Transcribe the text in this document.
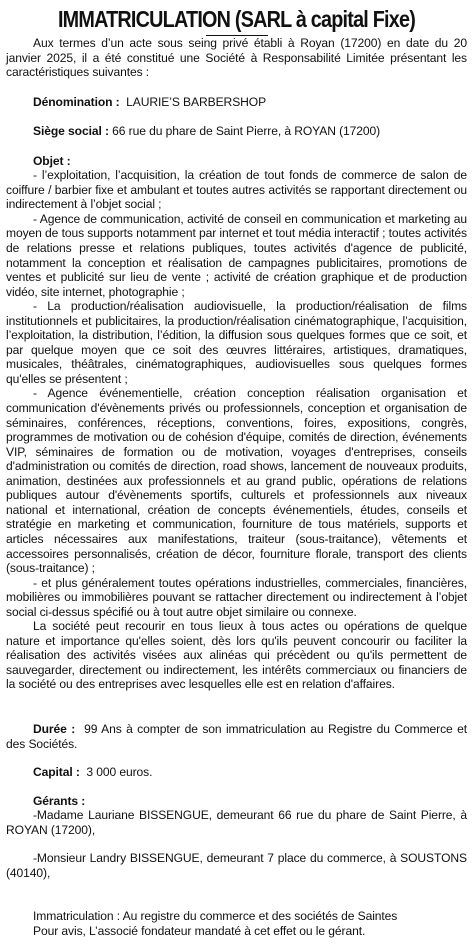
IMMATRICULATION (SARL à capital Fixe)

Aux termes d’un acte sous seing privé établi à Royan (17200) en date du 20 janvier 2025, il a été constitué une Société à Responsabilité Limitée présentant les caractéristiques suivantes :

Dénomination : LAURIE’S BARBERSHOP

Siège social : 66 rue du phare de Saint Pierre, à ROYAN (17200)

Objet :

- l’exploitation, l’acquisition, la création de tout fonds de commerce de salon de coiffure / barbier fixe et ambulant et toutes autres activités se rapportant directement ou indirectement à l’objet social ;

- Agence de communication, activité de conseil en communication et marketing au moyen de tous supports notamment par internet et tout média interactif ; toutes activités de relations presse et relations publiques, toutes activités d'agence de publicité, notamment la conception et réalisation de campagnes publicitaires, promotions de ventes et publicité sur lieu de vente ; activité de création graphique et de production vidéo, site internet, photographie ;

- La production/réalisation audiovisuelle, la production/réalisation de films institutionnels et publicitaires, la production/réalisation cinématographique, l’acquisition, l’exploitation, la distribution, l’édition, la diffusion sous quelques formes que ce soit, et par quelque moyen que ce soit des œuvres littéraires, artistiques, dramatiques, musicales, théâtrales, cinématographiques, audiovisuelles sous quelques formes qu'elles se présentent ;

- Agence événementielle, création conception réalisation organisation et communication d'évènements privés ou professionnels, conception et organisation de séminaires, conférences, réceptions, conventions, foires, expositions, congrès, programmes de motivation ou de cohésion d'équipe, comités de direction, événements VIP, séminaires de formation ou de motivation, voyages d'entreprises, conseils d'administration ou comités de direction, road shows, lancement de nouveaux produits, animation, destinées aux professionnels et au grand public, opérations de relations publiques autour d'évènements sportifs, culturels et professionnels aux niveaux national et international, création de concepts événementiels, études, conseils et stratégie en marketing et communication, fourniture de tous matériels, supports et articles nécessaires aux manifestations, traiteur (sous-traitance), vêtements et accessoires personnalisés, création de décor, fourniture florale, transport des clients (sous-traitance) ;

- et plus généralement toutes opérations industrielles, commerciales, financières, mobilières ou immobilières pouvant se rattacher directement ou indirectement à l’objet social ci-dessus spécifié ou à tout autre objet similaire ou connexe.

La société peut recourir en tous lieux à tous actes ou opérations de quelque nature et importance qu'elles soient, dès lors qu'ils peuvent concourir ou faciliter la réalisation des activités visées aux alinéas qui précèdent ou qu'ils permettent de sauvegarder, directement ou indirectement, les intérêts commerciaux ou financiers de la société ou des entreprises avec lesquelles elle est en relation d'affaires.

Durée : 99 Ans à compter de son immatriculation au Registre du Commerce et des Sociétés.

Capital : 3 000 euros.

Gérants :

-Madame Lauriane BISSENGUE, demeurant 66 rue du phare de Saint Pierre, à ROYAN (17200),

-Monsieur Landry BISSENGUE, demeurant 7 place du commerce, à SOUSTONS (40140),

Immatriculation : Au registre du commerce et des sociétés de Saintes

Pour avis, L’associé fondateur mandaté à cet effet ou le gérant.
